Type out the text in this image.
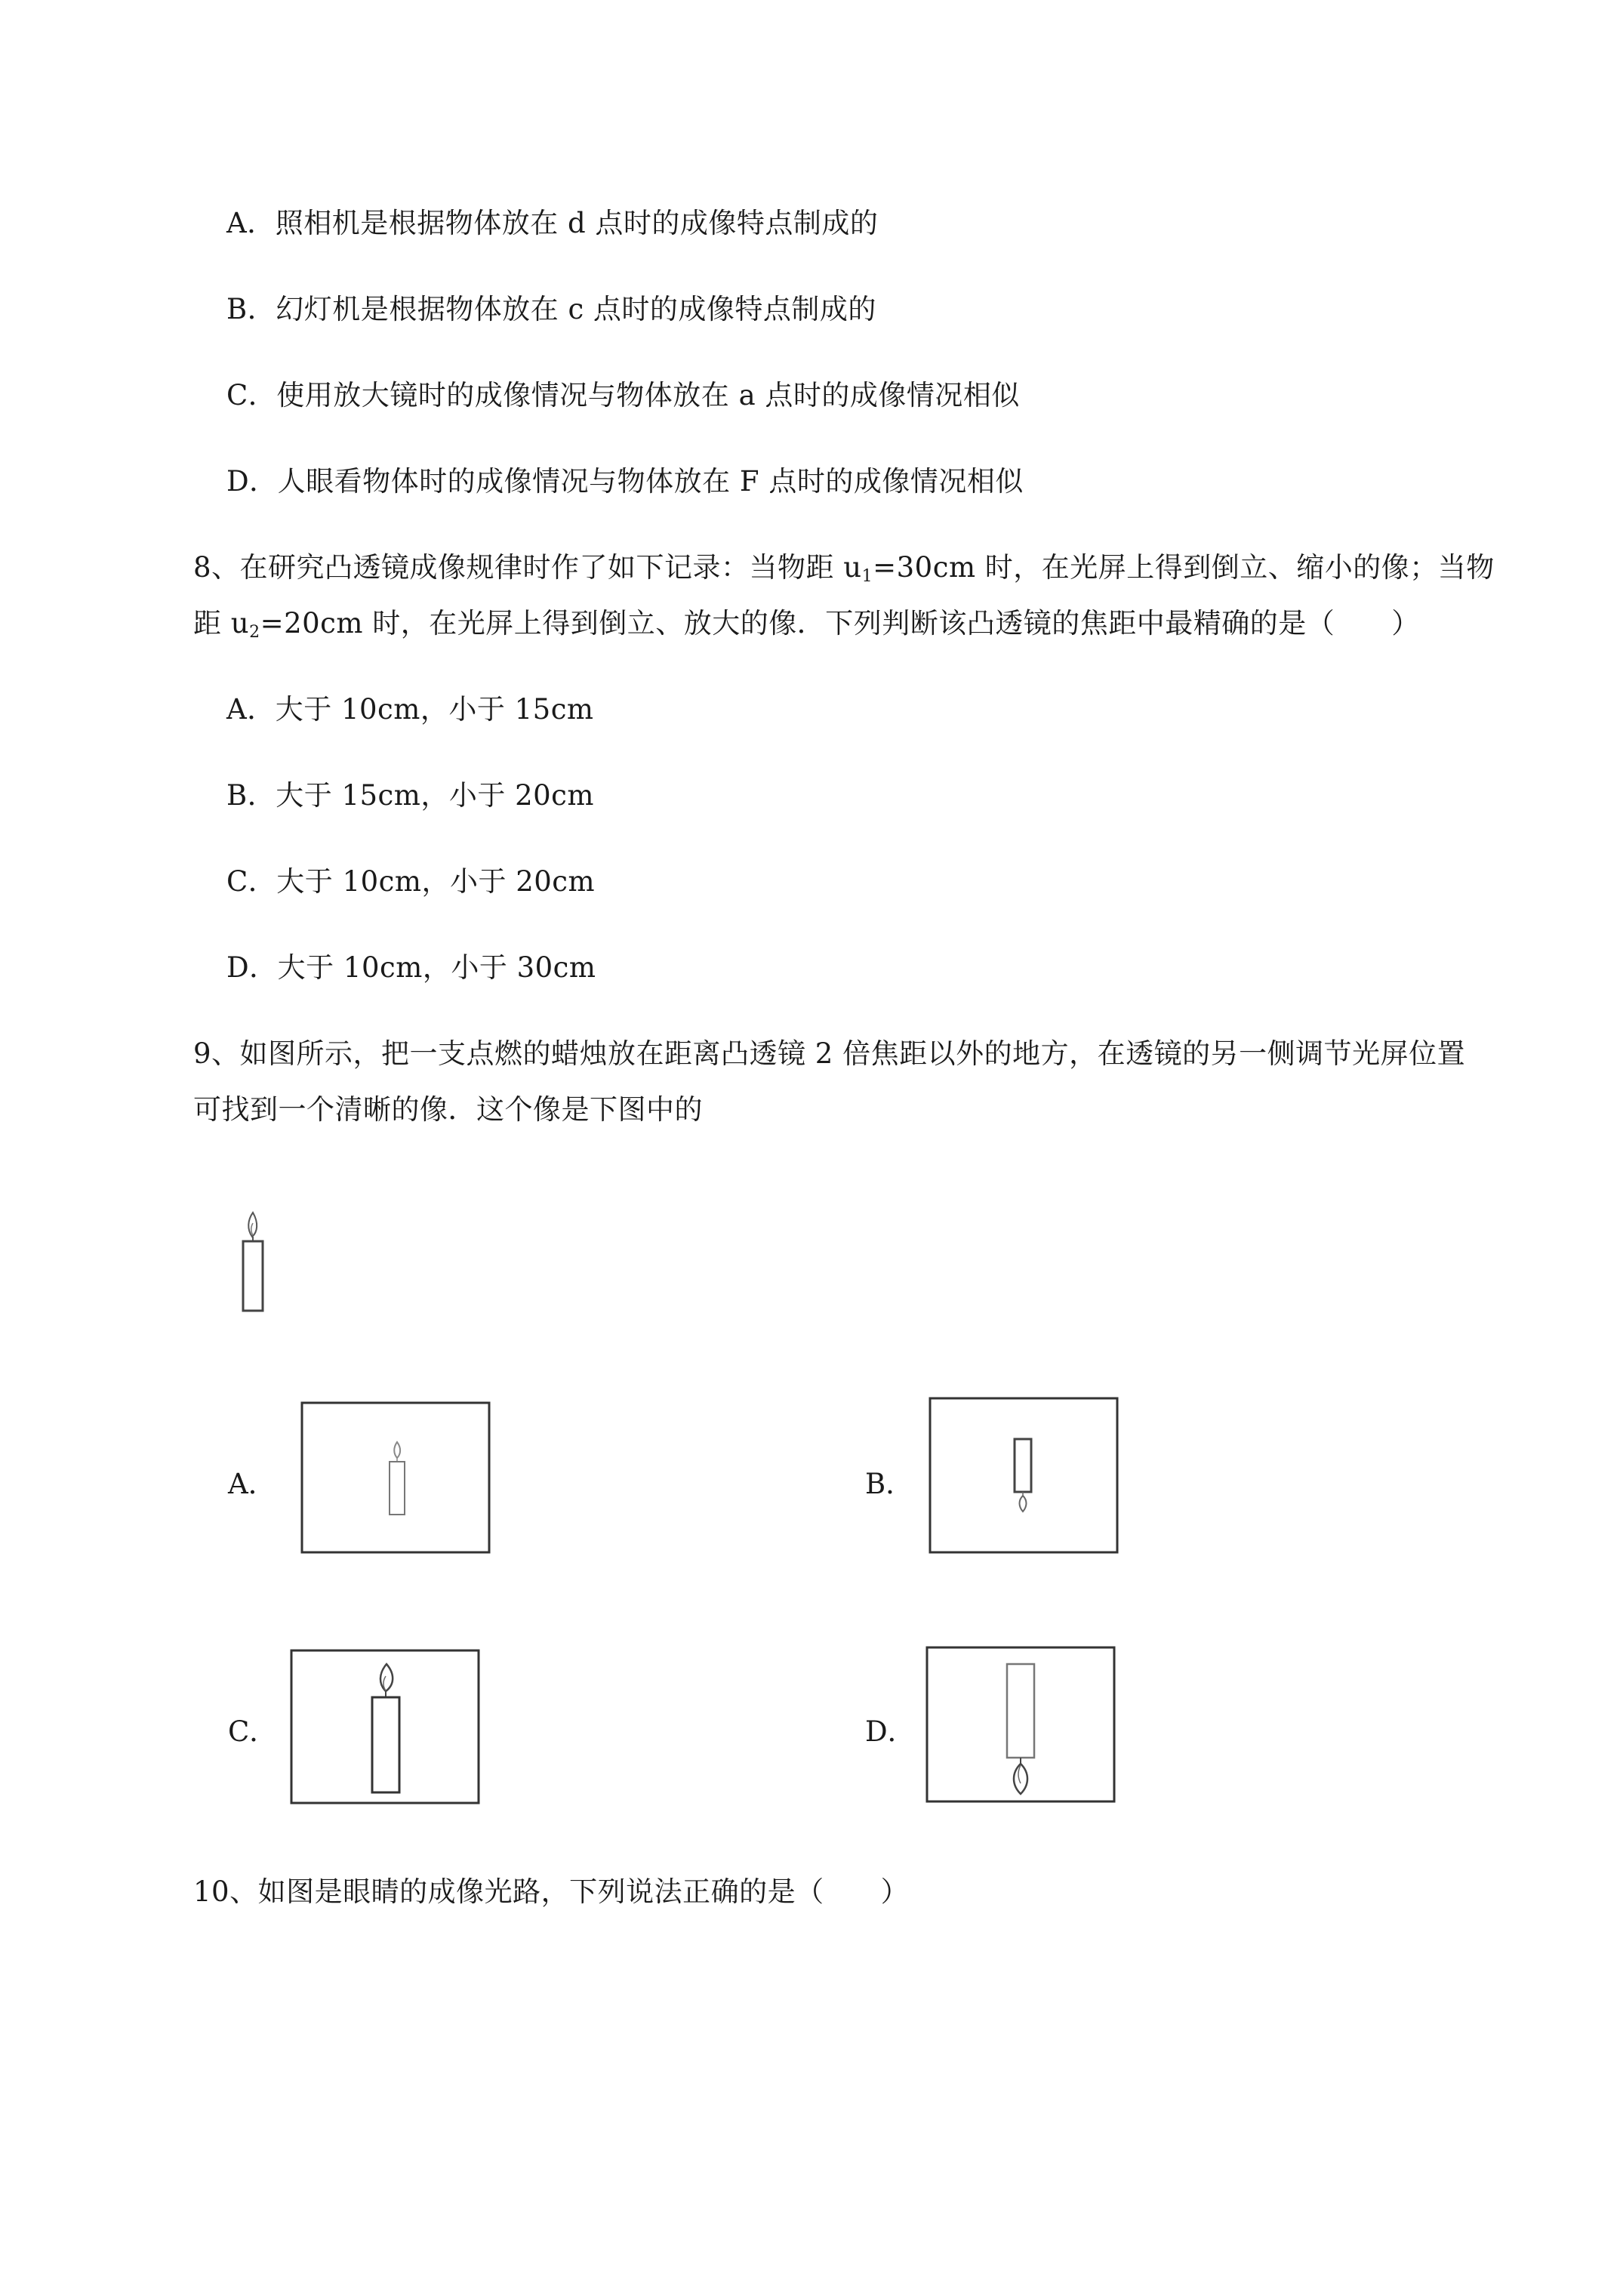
A．照相机是根据物体放在 d 点时的成像特点制成的
B．幻灯机是根据物体放在 c 点时的成像特点制成的
C．使用放大镜时的成像情况与物体放在 a 点时的成像情况相似
D．人眼看物体时的成像情况与物体放在 F 点时的成像情况相似
8、在研究凸透镜成像规律时作了如下记录：当物距 $u_1=30cm$ 时，在光屏上得到倒立、缩小的像；当物
距 $u_2=20cm$ 时，在光屏上得到倒立、放大的像．下列判断该凸透镜的焦距中最精确的是（　　）
A．大于 10cm，小于 15cm
B．大于 15cm，小于 20cm
C．大于 10cm，小于 20cm
D．大于 10cm，小于 30cm
9、如图所示，把一支点燃的蜡烛放在距离凸透镜 2 倍焦距以外的地方，在透镜的另一侧调节光屏位置
可找到一个清晰的像．这个像是下图中的
A．	B．
C．	D．
10、如图是眼睛的成像光路，下列说法正确的是（　　）
